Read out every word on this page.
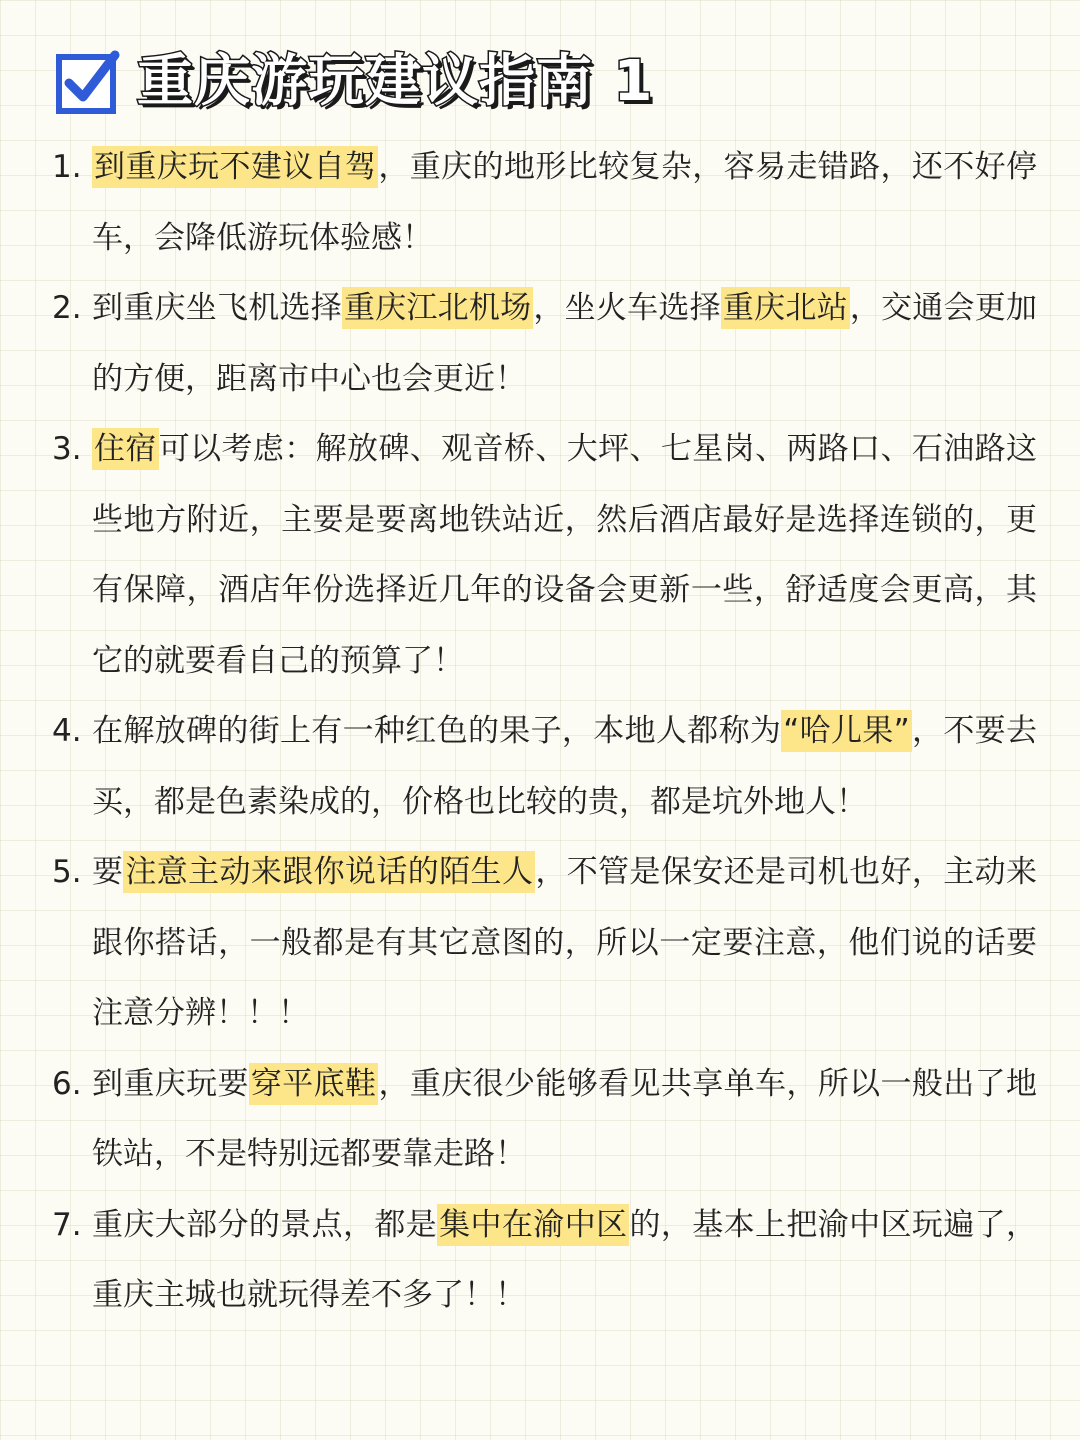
重庆游玩建议指南 1
1. 到重庆玩不建议自驾，重庆的地形比较复杂，容易走错路，还不好停车，会降低游玩体验感！
2. 到重庆坐飞机选择重庆江北机场，坐火车选择重庆北站，交通会更加的方便，距离市中心也会更近！
3. 住宿可以考虑：解放碑、观音桥、大坪、七星岗、两路口、石油路这些地方附近，主要是要离地铁站近，然后酒店最好是选择连锁的，更有保障，酒店年份选择近几年的设备会更新一些，舒适度会更高，其它的就要看自己的预算了！
4. 在解放碑的街上有一种红色的果子，本地人都称为“哈儿果”，不要去买，都是色素染成的，价格也比较的贵，都是坑外地人！
5. 要注意主动来跟你说话的陌生人，不管是保安还是司机也好，主动来跟你搭话，一般都是有其它意图的，所以一定要注意，他们说的话要注意分辨！！！
6. 到重庆玩要穿平底鞋，重庆很少能够看见共享单车，所以一般出了地铁站，不是特别远都要靠走路！
7. 重庆大部分的景点，都是集中在渝中区的，基本上把渝中区玩遍了，重庆主城也就玩得差不多了！！
